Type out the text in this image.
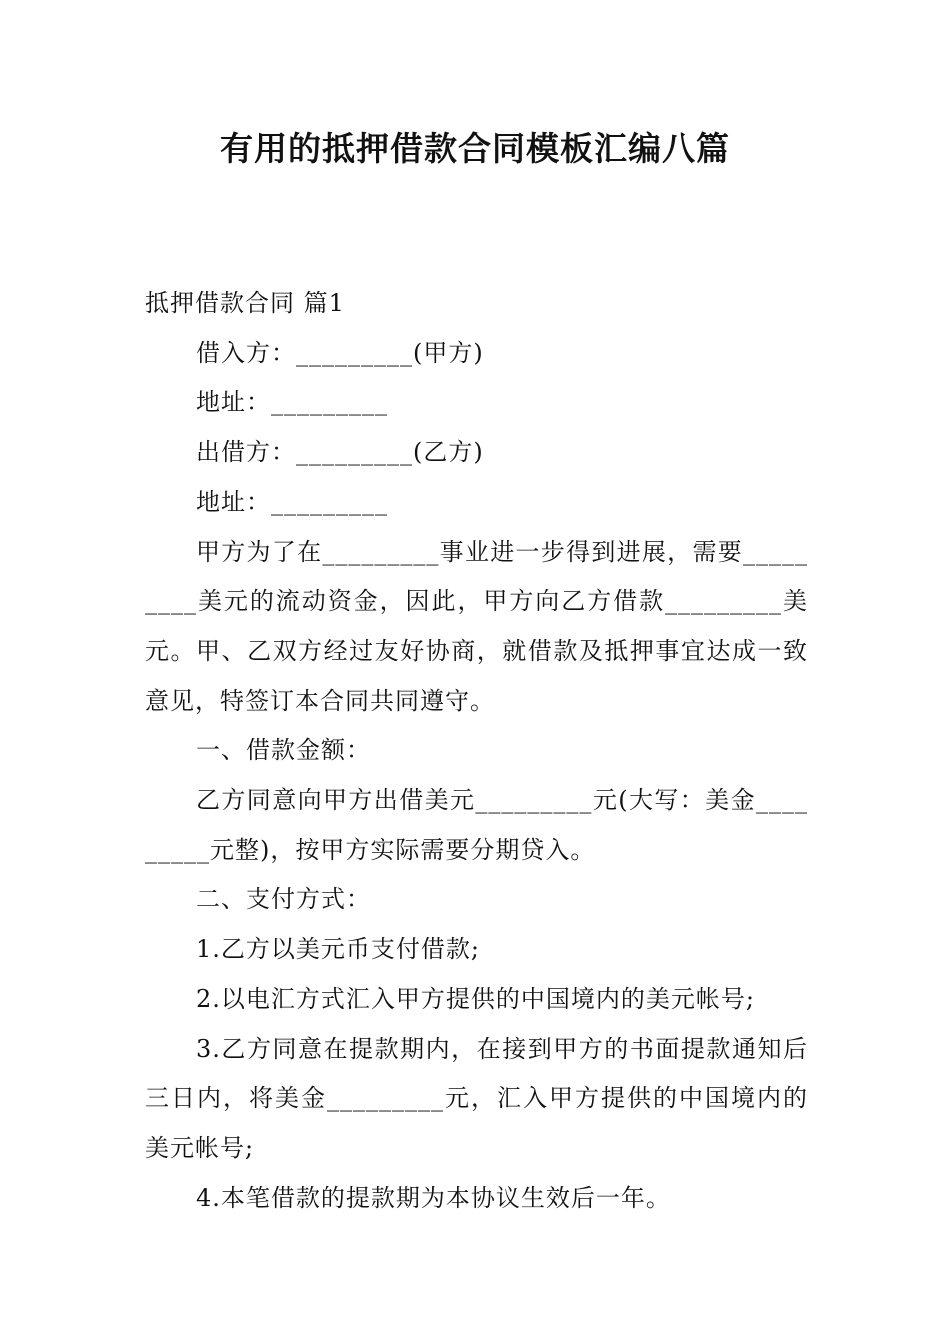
有用的抵押借款合同模板汇编八篇

抵押借款合同 篇1

借入方：_________(甲方)

地址：_________

出借方：_________(乙方)

地址：_________

甲方为了在_________事业进一步得到进展，需要_________美元的流动资金，因此，甲方向乙方借款_________美元。甲、乙双方经过友好协商，就借款及抵押事宜达成一致意见，特签订本合同共同遵守。

一、借款金额：

乙方同意向甲方出借美元_________元(大写：美金_________元整)，按甲方实际需要分期贷入。

二、支付方式：

1.乙方以美元币支付借款;

2.以电汇方式汇入甲方提供的中国境内的美元帐号;

3.乙方同意在提款期内，在接到甲方的书面提款通知后三日内，将美金_________元，汇入甲方提供的中国境内的美元帐号;

4.本笔借款的提款期为本协议生效后一年。
